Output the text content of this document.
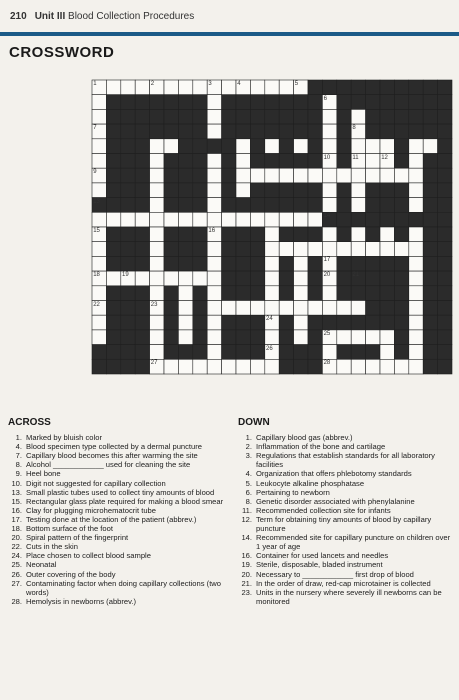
210 Unit III Blood Collection Procedures
CROSSWORD
1	2	3	4	5
6
7	8
9
10	11	12
13
14
15	16
17
18	19	20	21
22	23
24
25
26
27	28
ACROSS
1. Marked by bluish color
4. Blood specimen type collected by a dermal puncture
7. Capillary blood becomes this after warming the site
8. Alcohol ____________ used for cleaning the site
9. Heel bone
10. Digit not suggested for capillary collection
13. Small plastic tubes used to collect tiny amounts of blood
15. Rectangular glass plate required for making a blood smear
16. Clay for plugging microhematocrit tube
17. Testing done at the location of the patient (abbrev.)
18. Bottom surface of the foot
20. Spiral pattern of the fingerprint
22. Cuts in the skin
24. Place chosen to collect blood sample
25. Neonatal
26. Outer covering of the body
27. Contaminating factor when doing capillary collections (two words)
28. Hemolysis in newborns (abbrev.)
DOWN
1. Capillary blood gas (abbrev.)
2. Inflammation of the bone and cartilage
3. Regulations that establish standards for all laboratory facilities
4. Organization that offers phlebotomy standards
5. Leukocyte alkaline phosphatase
6. Pertaining to newborn
8. Genetic disorder associated with phenylalanine
11. Recommended collection site for infants
12. Term for obtaining tiny amounts of blood by capillary puncture
14. Recommended site for capillary puncture on children over 1 year of age
16. Container for used lancets and needles
19. Sterile, disposable, bladed instrument
20. Necessary to ____________ first drop of blood
21. In the order of draw, red-cap microtainer is collected
23. Units in the nursery where severely ill newborns can be monitored
